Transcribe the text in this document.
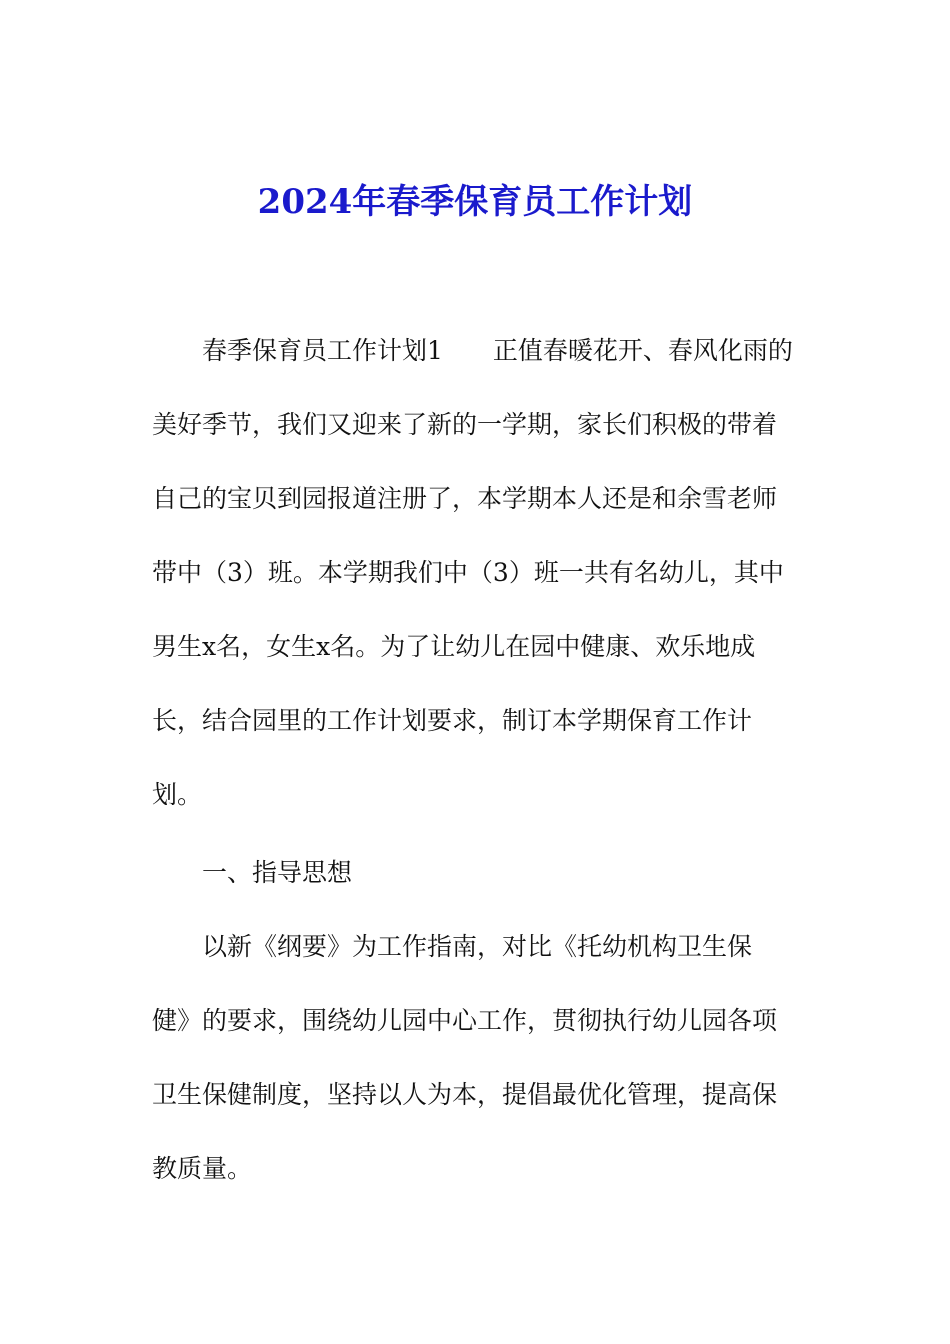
2024年春季保育员工作计划
春季保育员工作计划1　　正值春暖花开、春风化雨的
美好季节，我们又迎来了新的一学期，家长们积极的带着
自己的宝贝到园报道注册了，本学期本人还是和余雪老师
带中（3）班。本学期我们中（3）班一共有名幼儿，其中
男生x名，女生x名。为了让幼儿在园中健康、欢乐地成
长，结合园里的工作计划要求，制订本学期保育工作计
划。
一、指导思想
以新《纲要》为工作指南，对比《托幼机构卫生保
健》的要求，围绕幼儿园中心工作，贯彻执行幼儿园各项
卫生保健制度，坚持以人为本，提倡最优化管理，提高保
教质量。
